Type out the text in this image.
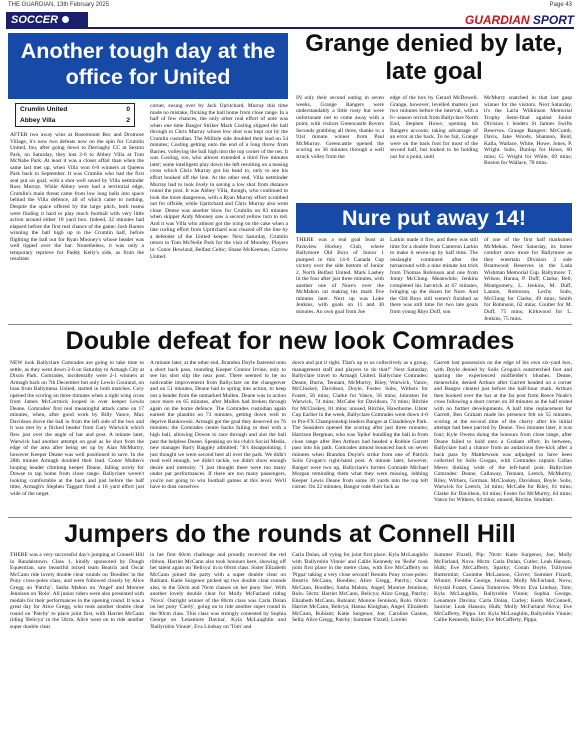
THE GUARDIAN, 13th February 2025	Page 43
SOCCER	GUARDIAN SPORT
Another tough day at the office for United
Crumlin United	0
Abbey Villa	2
AFTER two away wins at Rosemount Rec and Dromore Village, it's now two defeats now on the spin for Crumlin United, fou, after going down to Derriaghy CC at Sexton Park, on Saturday, they lost 2-0 to Abbey Villa at Tom McNabe Park. At least it was a closer affair than when the same last met up, when Villa won 6-0 winners at Queens Park back in September. It was Crumlin who had the first seal put on goal, with a shot well saved by Villa netminder Ross Murray. While Abbey were had a territorial edge, Crumlin's main threat came from low long balls into space behind the Villa defence, all of which came to nothing. Despite the space offered by the large pitch, both teams were finding it hard to play much football with very little action around either 18 yard box. Indeed, 32 minutes had elapsed before the first real chance of the game; Josh Barnes winning the ball high up in the Crumlin half, before flighting the ball out for Ryan Mooney's whose header was well tipped over the bar. Nonetheless, it was only a temporary reprieve for Paddy Kelly's side, as from the resultant
corner, swung over by Jack Upritchard, Murray this time made no mistake, flicking the ball home from close range. In a half of few chances, the only other real effort of note was when one time Bangor Striker Mark Cosling slipped the ball through to Chris Murray whose low shot was kept out by the Crumlin custodian. The Millisle side doubled their lead on 54 minutes; Cosling getting onto the end of a long throw from Barnes, volleying the ball high into the top corner of the net. It was Cosling, too, who almost extended a third five minutes later; some intelligent play down the left resulting on a teasing cross which Chris Murray got his head to, only to see his effort hooked off the line. At the other end, Villa netminder Murray had to look lively in saving a low shot from distance round the post. It was Abbey Villa, though, who continued to look the more dangerous, with a Ryan Murray effort scrubbed out for offside, while Upritchard and Chris Murray also went close. Dense was another blow for Crumlin on 83 minutes when skipper Andy Mooney saw a second yellow turn to red. And it was Villa who almost got the icing on the cake when a late curling effort from Upritchard was cleared off the line by a defender of the United keeper. Next Saturday, Crumlin return to Tom McNeile Park for the visit of Mondey. Players in: Conor Howland, Belfast Celtic; Shane McKeeman, Carrow United.
Grange denied by late, late goal
IN only their second outing in seven weeks, Grange Rangers were understandably a little rusty but were unfortunate not to come away with a point, with visitors Greencastle Rovers Seconds grabbing all three, thanks to a 91st minute winner from Paul McMurray. Greencastle opened the scoring on 36 minutes through a well struck volley from the
edge of the box by Gerard McDowell. Grange, however, levelled matters just two minutes before the interval, with a 6+ season recruit from Ballyclare North End, Stephen Howe, opening his Rangers account, taking advantage of an error at the back. To be fair, Grange were on the back foot for most of the second half, but looked to be holding out for a point, until
McMurry snatched in that last gasp winner for the visitors. Next Saturday, it's the Larla Wilkinson Memorial Trophy Semi-final against Junior Division 1 leaders St Jamies Swifts Reserves. Grange Rangers: McComb, Davis, Jake Woods, Shannon, Reid, Kalla, Wallace, White, Howe, Jones, P. Wright. Subs, Dunlop for Howe, 60 mins; G. Wright for White, 69 mins; Boston for Wallace, 78 mins.
Nure put away 14!
THERE was a real goal feast at Parkview Hockey Club, where Ballymore Old Boys of Junior 1 pumped in this 14-0 Canada Cup victory over the side bottom of Junior 2, North Belfast United. Mark Lashey lit the four after just three minutes, with another one of Nure's over the McMahon rat making his mark five minutes later. Next up was Luke Jenkins, with goals on 11 and 30 minutes. An own goal from Joe
Larkin made it five, and there was still time for a double from Cameron Larkin to make it seven-up by half time. The onslaught continued after the turnaround with a nine minute hat trick from Thomas Robinson and one from Jonny McClung. Meanwhile, Jenkins completed his hat-trick at 67 minutes, bringing up the dozen for Nure. And the Old Boys still weren't finished as there was still time for two late goals from young Rhys Duff, son
of one of the first half marksmen McMehan. Next Saturday, its home comfort once more for Ballymore as they entertain Division 3 side Brantwood Reserves in the Lada Wishman Memorial Cup. Ballymore: T. Wilson, Hanna, P. Duff, Clarke, Bell, Montgomery, L. Jenkins, M. Duff, Lannie, Robinson, Lechy. Subs, McClung for Clarke, 49 mins; Smith for Robinson, 62 mins; Coulter for M. Duff, 75 mins; Kirkwood for L. Jenkins, 75 mins.
Double defeat for new look Comrades
NEW look Ballyclare Comrades are going to take time to settle, as they went down 2-0 on Saturday to Armagh City at Dixon Park. Comrades, incidentally were 2-1 winners at Armagh back on 7th December but only Lewin Gourand, on loan from Ballymena United, started in both matches. Cory opened the scoring on three minutes when a right wing cross from James McCormick looped in over keeper Lewin Deane. Comrades' first real meaningful attack came on 17 minutes, when, after good work by Billy Vance, Max Davidson drove the ball in from the left side of the box and it was met by a flicked header from Gary Warwick which flew just over the angle of bar and post. A minute later, Warwick had another attempt on goal as he shot from the edge of the area after being set up by Alan McMurtry, however Keeper Deane was well positioned to save. In the 28th minute Armagh doubled their lead. Conor Mullen's looping header climbing keeper Deane, falling nicely for Dowse to tap home from close range. Ballyclare weren't looking comfortable at the back and just before the half time, Armagh's Stephen Taggart fired a 16 yard effort just wide of the target.
A minute later, at the other end, Brandon Doyle fastened onto a short back pass, rounding Keeper Connor Irvine, only to see his shot slip the near post. There seemed to be no noticeable improvement from Ballyclare on the changeover and on 51 minutes, Deane had to spring into action, to keep out a header from the unmarked Mullen. Deane was in action once more on 65 minutes, after Mullen had broken through again on the home defence. The Comrades custodian again earned the plaudits on 73 minutes, getting down well to deprive Rankowski. Armagh got the goal they deserved on 76 minutes; the Comrades centre backs failing to deal with a high ball, allowing Dowse to race through and slot the ball past the helpless Deane. Speaking on his club's Social Media, new manager Barry Baggley admitted: "It's disappointing. I just thought we were second best all over the park. We didn't read well enough, we didn't tackle, we didn't show enough desire and intensity. "I just thought there were too many under par performances. If there are too many passengers, you're not going to win football games at this level. We'll have to dust ourselves
down and put it right. That's up to us collectively as a group, management staff and players to do that!" Next Saturday, Ballyclare travel to Armagh United. Ballyclare Comrades: Deane, Burns, Tennant, McMurtry, Riley, Warwick, Vance, McCloskey, Davidson, Doyle, Foster. Subs, Withers for Foster, 56 mins; Clarke for Vance, 56 mins; Johnston for Warwick, 74 mins; McCabe for Davidson, 74 mins; Ritchie for McCloskey, 81 mins; unused, Ritchie, Hawthorne. Ulster Cup Earlier in the week, Ballyclare Comrades went down 4-0 to Pro-FX Championship leaders Bangor at Clandeboye Park. The Seasiders opened the scoring after just three minutes; Harrison Bergman, who was 'Spike' bundling the ball in from close range after Ben Arthurs had headed a Robbie Garrett pass into his path. Comrades almost bounced back on seven minutes when Brandon Doyle's strike from one of Patrick Solis Grogan's right-hand post. A minute later, however, Bangor were two up, Ballyclare's former Comrade Michael Morgan reminding them what they were missing, lobbing Keeper Lewis Deane from some 30 yards into the top left corner. On 22 minutes, Bangor rode their luck as
Garrett lost possession on the edge of his own six-yard box, with Doyle denied by Solis Grogan's outstretched foot and sparing the experienced midfielder's blushes. Deane, meanwhile, denied Arthurs after Garrett headed on a corner and Bangor cleared just before the half-hour mark. Arthurs then hooked over the bar at the far post from Reece Neale's cross following a short corner on 38 minutes as the half ended with no further developments. A half time replacement for Garrett, Ben Graham made his presence felt on 55 minutes, scoring at the second time of the cherry after his initial attempt had been parried by Deane. Two minutes later, it was four; Kyle Owens doing the honours from close range, after Deane failed to hold onto a Graham effort. In between, Ballyclare had a chance from an audacious free-kick after a back pass by Matthewson was adjudged to have been collected by Solis Grogan, with Comrades captain Callan Meers dinking wide of the left-hand post. Ballyclare Comrades: Deane, Callaway, Tennant, Leetch, McMurtry, Riley, Withers, Gorman, McCloskey, Davidson, Boyle. Subs, Warwick for Leetch, 34 mins; McCabe for Riley, 61 mins; Clarke for Davidson, 64 mins; Foster for McMurtry, 64 mins; Vance for Withers, 64 mins; unused, Ritchie, Stoddart.
Jumpers do the rounds at Connell Hill
THERE was a very successful day's jumping at Connell Hill in Randalstown. Class 1, kindly sponsored by Dough Equestrian, saw beautiful mixed team Beatrix and Oscar McCann ride lovely double clear rounds on 'Boodles' in the Pony cross-poles class, and were followed closely by Alice Gregg on 'Patchy'. Sasha Mahon on 'Angel' and Monroe Jennison on 'Rolo'. All junior riders were also presented with medals for their performances in the opening round. It was a great day for Alice Gregg, who took another double clear round on 'Patchy' to place joint first, with Harriet McCann riding 'Belicya' in the 50cm. Alice went on to ride another super double clear
in her first 60cm challenge and proudly received the red ribbon. Harriet McCann also took honours here, showing off her talent again on 'Belicya' in to 60cm class. Sister Elizabeth McCann joined the party with a super double clear on Rubiant. Katie Surgenor picked up two double clear rounds also, in the 50cm and 70cm classes on her pony 'Joe'. With another lovely double clear for Molly McFarland riding 'Nova'. Outright winner of the 80cm class was Carla Dolan on her pony 'Cierly', going on to ride another super round in the 90cm class. This class was strongly contested by Sophia George on 'Lenamore Davina', Kyla McLaughlin and 'Ballyrobin Vinnie', Eva Lindsay on 'Tom' and
Carla Dolan, all vying for joint first place. Kyla McLaughlin with 'Ballyrobin Vinnie' and Callie Kennedy on 'Rolie' took joint first place in the metre class, with Eve McCafferty on 'Pippa' taking a very close second! Results Pony cross-poles: Beatrix McCann, Boodles; Alice Gregg, Patchy; Oscar McCann, Boodles; Sasha Mahon, Angel; Monroe Jennison, Rolo. 50cm: Harriet McCann, Belicya; Alice Gregg, Patchy; Elizabeth McCann, Rubiant; Monroe Jennison, Rolo. 60cm: Harriet McCann, Belicya; Hanna Kinighan, Angel; Elizabeth McCann, Rubiant; Katie Surgenor, Joe; Caroline Gaston, Sella; Alice Gregg, Patchy; Summer Fizzell, Lorelei
Summer Fizzell, Pip. 70cm: Katie Surgenor, Joe; Molly McFarland, Nova. 80cm: Carla Dolan, Cutler; Leah Hanson, Hulk; Eve McCafferty, Sparky; Conan Boyle, Tullyrose Buttermint; Caoimhe McLannon, Clover; Summer Fizzell, Winnie; Freddie George, Jenson; Molly McFarland, Nova; Krystal Frazer, Cassia Tomorrow. 90cm: Eva Lindsay, Tom; Kyla McLaughlin, Ballyrobin Vinnie; Sophia George, Lenamore Davina; Carla Dolan, Curley; Keith McConnell, Saoirse; Leah Hanson, Hulk; Molly McFarland Nova; Eve McCafferty, Pippa. 1m: Kyla McLaughlin, Ballyrobin Vinnie; Callie Kennedy, Rolie; Eve McCafferty, Pippa.
